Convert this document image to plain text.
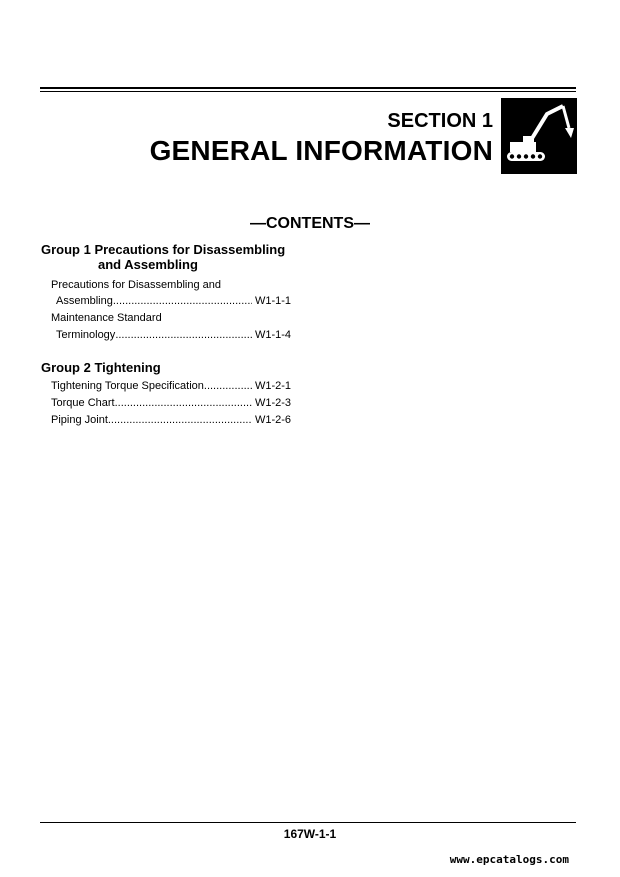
SECTION 1
GENERAL INFORMATION
—CONTENTS—
Group 1 Precautions for Disassembling
and Assembling
Precautions for Disassembling and
Assembling .....	W1-1-1
Maintenance Standard
Terminology .....	W1-1-4
Group 2 Tightening
Tightening Torque Specification .....	W1-2-1
Torque Chart .....	W1-2-3
Piping Joint .....	W1-2-6
167W-1-1
www.epcatalogs.com
